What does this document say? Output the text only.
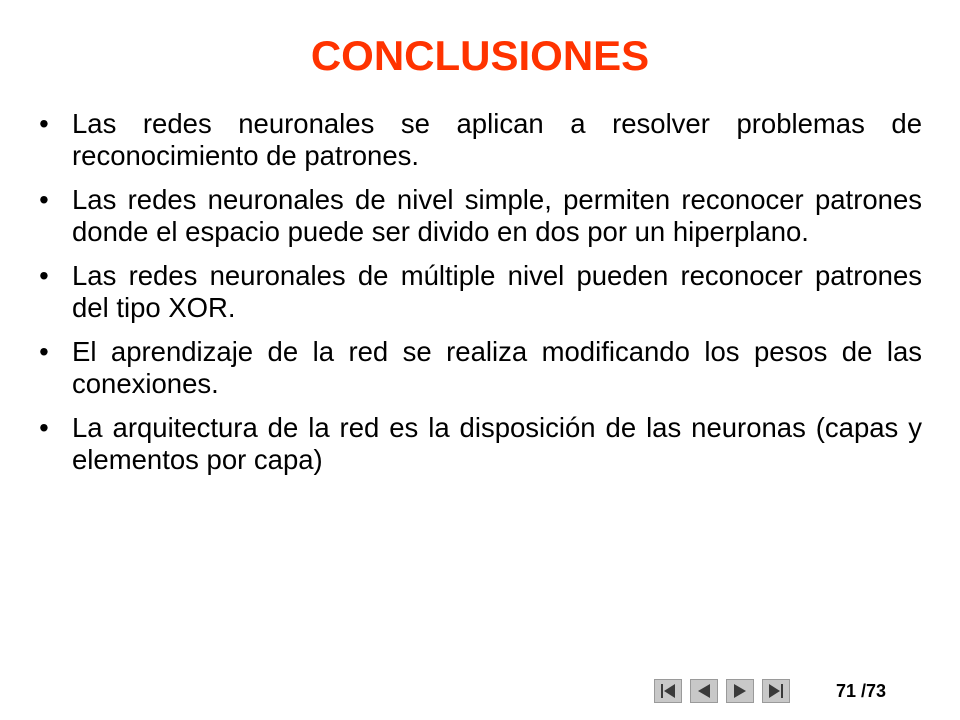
CONCLUSIONES
• Las redes neuronales se aplican a resolver problemas de reconocimiento de patrones.
• Las redes neuronales de nivel simple, permiten reconocer patrones donde el espacio puede ser divido en dos por un hiperplano.
• Las redes neuronales de múltiple nivel pueden reconocer patrones del tipo XOR.
• El aprendizaje de la red se realiza modificando los pesos de las conexiones.
• La arquitectura de la red es la disposición de las neuronas (capas y elementos por capa)
71 /73
